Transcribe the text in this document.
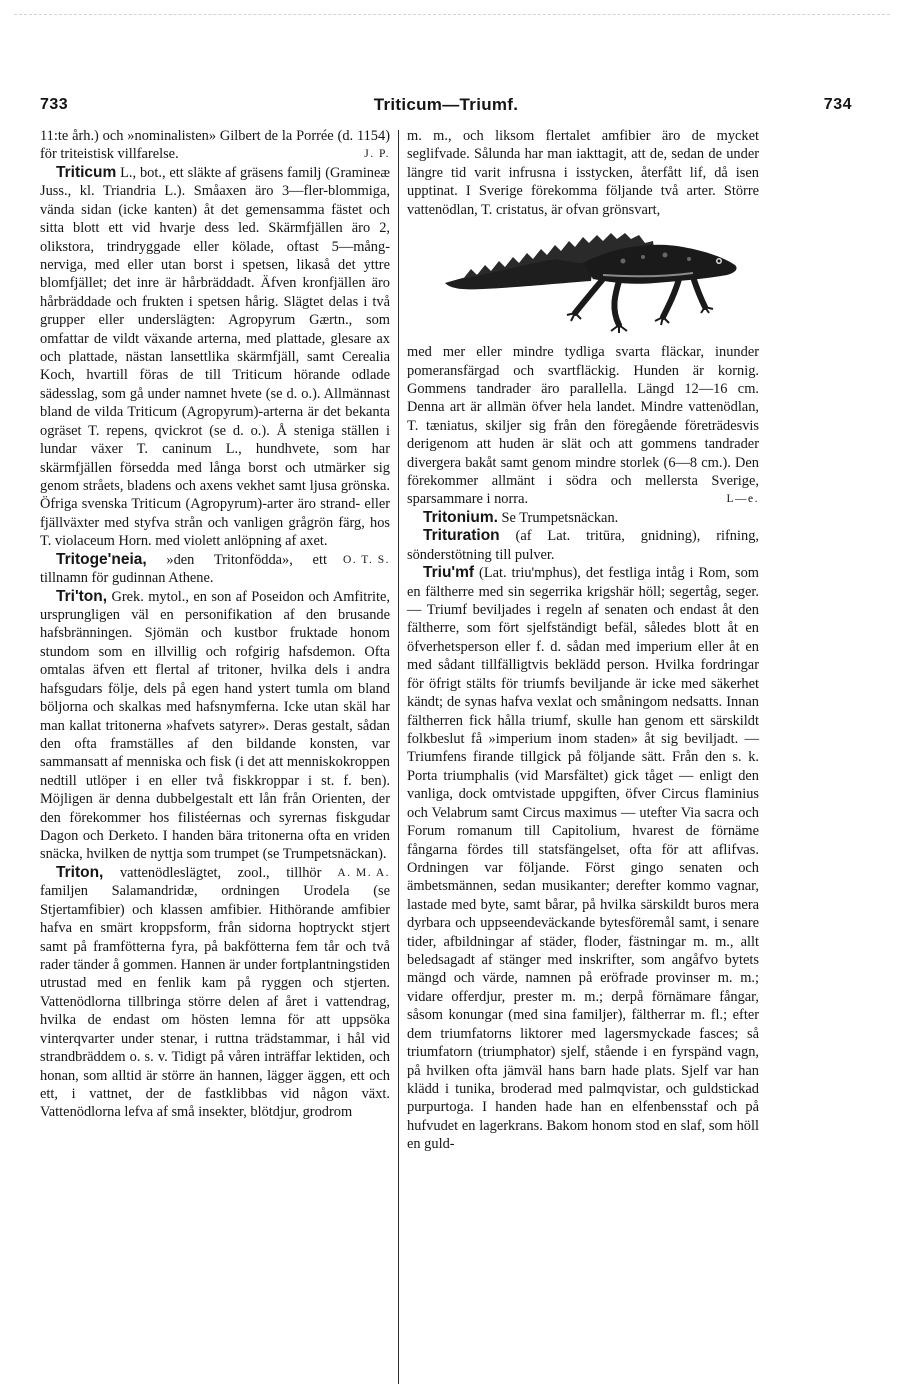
733	Triticum—Triumf.	734

11:te årh.) och »nominalisten» Gilbert de la Porrée (d. 1154) för triteistisk villfarelse.	J. P.

Triticum L., bot., ett släkte af gräsens familj (Gramineæ Juss., kl. Triandria L.). Småaxen äro 3—fler-blommiga, vända sidan (icke kanten) åt det gemensamma fästet och sitta blott ett vid hvarje dess led. Skärmfjällen äro 2, olikstora, trindryggade eller kölade, oftast 5—mång-nerviga, med eller utan borst i spetsen, likaså det yttre blomfjället; det inre är hårbräddadt. Äfven kronfjällen äro hårbräddade och frukten i spetsen hårig. Slägtet delas i två grupper eller underslägten: Agropyrum Gærtn., som omfattar de vildt växande arterna, med plattade, glesare ax och plattade, nästan lansettlika skärmfjäll, samt Cerealia Koch, hvartill föras de till Triticum hörande odlade sädesslag, som gå under namnet hvete (se d. o.). Allmännast bland de vilda Triticum (Agropyrum)-arterna är det bekanta ogräset T. repens, qvickrot (se d. o.). Å steniga ställen i lundar växer T. caninum L., hundhvete, som har skärmfjällen försedda med långa borst och utmärker sig genom stråets, bladens och axens vekhet samt ljusa grönska. Öfriga svenska Triticum (Agropyrum)-arter äro strand- eller fjällväxter med styfva strån och vanligen grågrön färg, hos T. violaceum Horn. med violett anlöpning af axet.
O. T. S.

Tritoge'neia, »den Tritonfödda», ett tillnamn för gudinnan Athene.

Tri'ton, Grek. mytol., en son af Poseidon och Amfitrite, ursprungligen väl en personifikation af den brusande hafsbränningen. Sjömän och kustbor fruktade honom stundom som en illvillig och rofgirig hafsdemon. Ofta omtalas äfven ett flertal af tritoner, hvilka dels i andra hafsgudars följe, dels på egen hand ystert tumla om bland böljorna och skalkas med hafsnymferna. Icke utan skäl har man kallat tritonerna »hafvets satyrer». Deras gestalt, sådan den ofta framställes af den bildande konsten, var sammansatt af menniska och fisk (i det att menniskokroppen nedtill utlöper i en eller två fiskkroppar i st. f. ben). Möjligen är denna dubbelgestalt ett lån från Orienten, der den förekommer hos filistéernas och syrernas fiskgudar Dagon och Derketo. I handen bära tritonerna ofta en vriden snäcka, hvilken de nyttja som trumpet (se Trumpetsnäckan).
A. M. A.

Triton, vattenödleslägtet, zool., tillhör familjen Salamandridæ, ordningen Urodela (se Stjertamfibier) och klassen amfibier. Hithörande amfibier hafva en smärt kroppsform, från sidorna hoptryckt stjert samt på framfötterna fyra, på bakfötterna fem tår och två rader tänder å gommen. Hannen är under fortplantningstiden utrustad med en fenlik kam på ryggen och stjerten. Vattenödlorna tillbringa större delen af året i vattendrag, hvilka de endast om hösten lemna för att uppsöka vinterqvarter under stenar, i ruttna trädstammar, i hål vid strandbräddem o. s. v. Tidigt på våren inträffar lektiden, och honan, som alltid är större än hannen, lägger äggen, ett och ett, i vattnet, der de fastklibbas vid någon växt. Vattenödlorna lefva af små insekter, blötdjur, grodrom

m. m., och liksom flertalet amfibier äro de mycket seglifvade. Sålunda har man iakttagit, att de, sedan de under längre tid varit infrusna i isstycken, återfått lif, då isen upptinat. I Sverige förekomma följande två arter. Större vattenödlan, T. cristatus, är ofvan grönsvart,

med mer eller mindre tydliga svarta fläckar, inunder pomeransfärgad och svartfläckig. Hunden är kornig. Gommens tandrader äro parallella. Längd 12—16 cm. Denna art är allmän öfver hela landet. Mindre vattenödlan, T. tæniatus, skiljer sig från den föregående företrädesvis derigenom att huden är slät och att gommens tandrader divergera bakåt samt genom mindre storlek (6—8 cm.). Den förekommer allmänt i södra och mellersta Sverige, sparsammare i norra.	L—e.

Tritonium. Se Trumpetsnäckan.

Trituration (af Lat. tritūra, gnidning), rifning, sönderstötning till pulver.

Triu'mf (Lat. triu'mphus), det festliga intåg i Rom, som en fältherre med sin segerrika krigshär höll; segertåg, seger. — Triumf beviljades i regeln af senaten och endast åt den fältherre, som fört sjelfständigt befäl, således blott åt en öfverhetsperson eller f. d. sådan med imperium eller åt en med sådant tillfälligtvis beklädd person. Hvilka fordringar för öfrigt stälts för triumfs beviljande är icke med säkerhet kändt; de synas hafva vexlat och småningom nedsatts. Innan fältherren fick hålla triumf, skulle han genom ett särskildt folkbeslut få »imperium inom staden» åt sig beviljadt. — Triumfens firande tillgick på följande sätt. Från den s. k. Porta triumphalis (vid Marsfältet) gick tåget — enligt den vanliga, dock omtvistade uppgiften, öfver Circus flaminius och Velabrum samt Circus maximus — utefter Via sacra och Forum romanum till Capitolium, hvarest de förnäme fångarna fördes till statsfängelset, ofta för att aflifvas. Ordningen var följande. Först gingo senaten och ämbetsmännen, sedan musikanter; derefter kommo vagnar, lastade med byte, samt bårar, på hvilka särskildt buros mera dyrbara och uppseendeväckande bytesföremål samt, i senare tider, afbildningar af städer, floder, fästningar m. m., allt beledsagadt af stänger med inskrifter, som angåfvo bytets mängd och värde, namnen på eröfrade provinser m. m.; vidare offerdjur, prester m. m.; derpå förnämare fångar, såsom konungar (med sina familjer), fältherrar m. fl.; efter dem triumfatorns liktorer med lagersmyckade fasces; så triumfatorn (triumphator) sjelf, stående i en fyrspänd vagn, på hvilken ofta jämväl hans barn hade plats. Sjelf var han klädd i tunika, broderad med palmqvistar, och guldstickad purpurtoga. I handen hade han en elfenbensstaf och på hufvudet en lagerkrans. Bakom honom stod en slaf, som höll en guld-
